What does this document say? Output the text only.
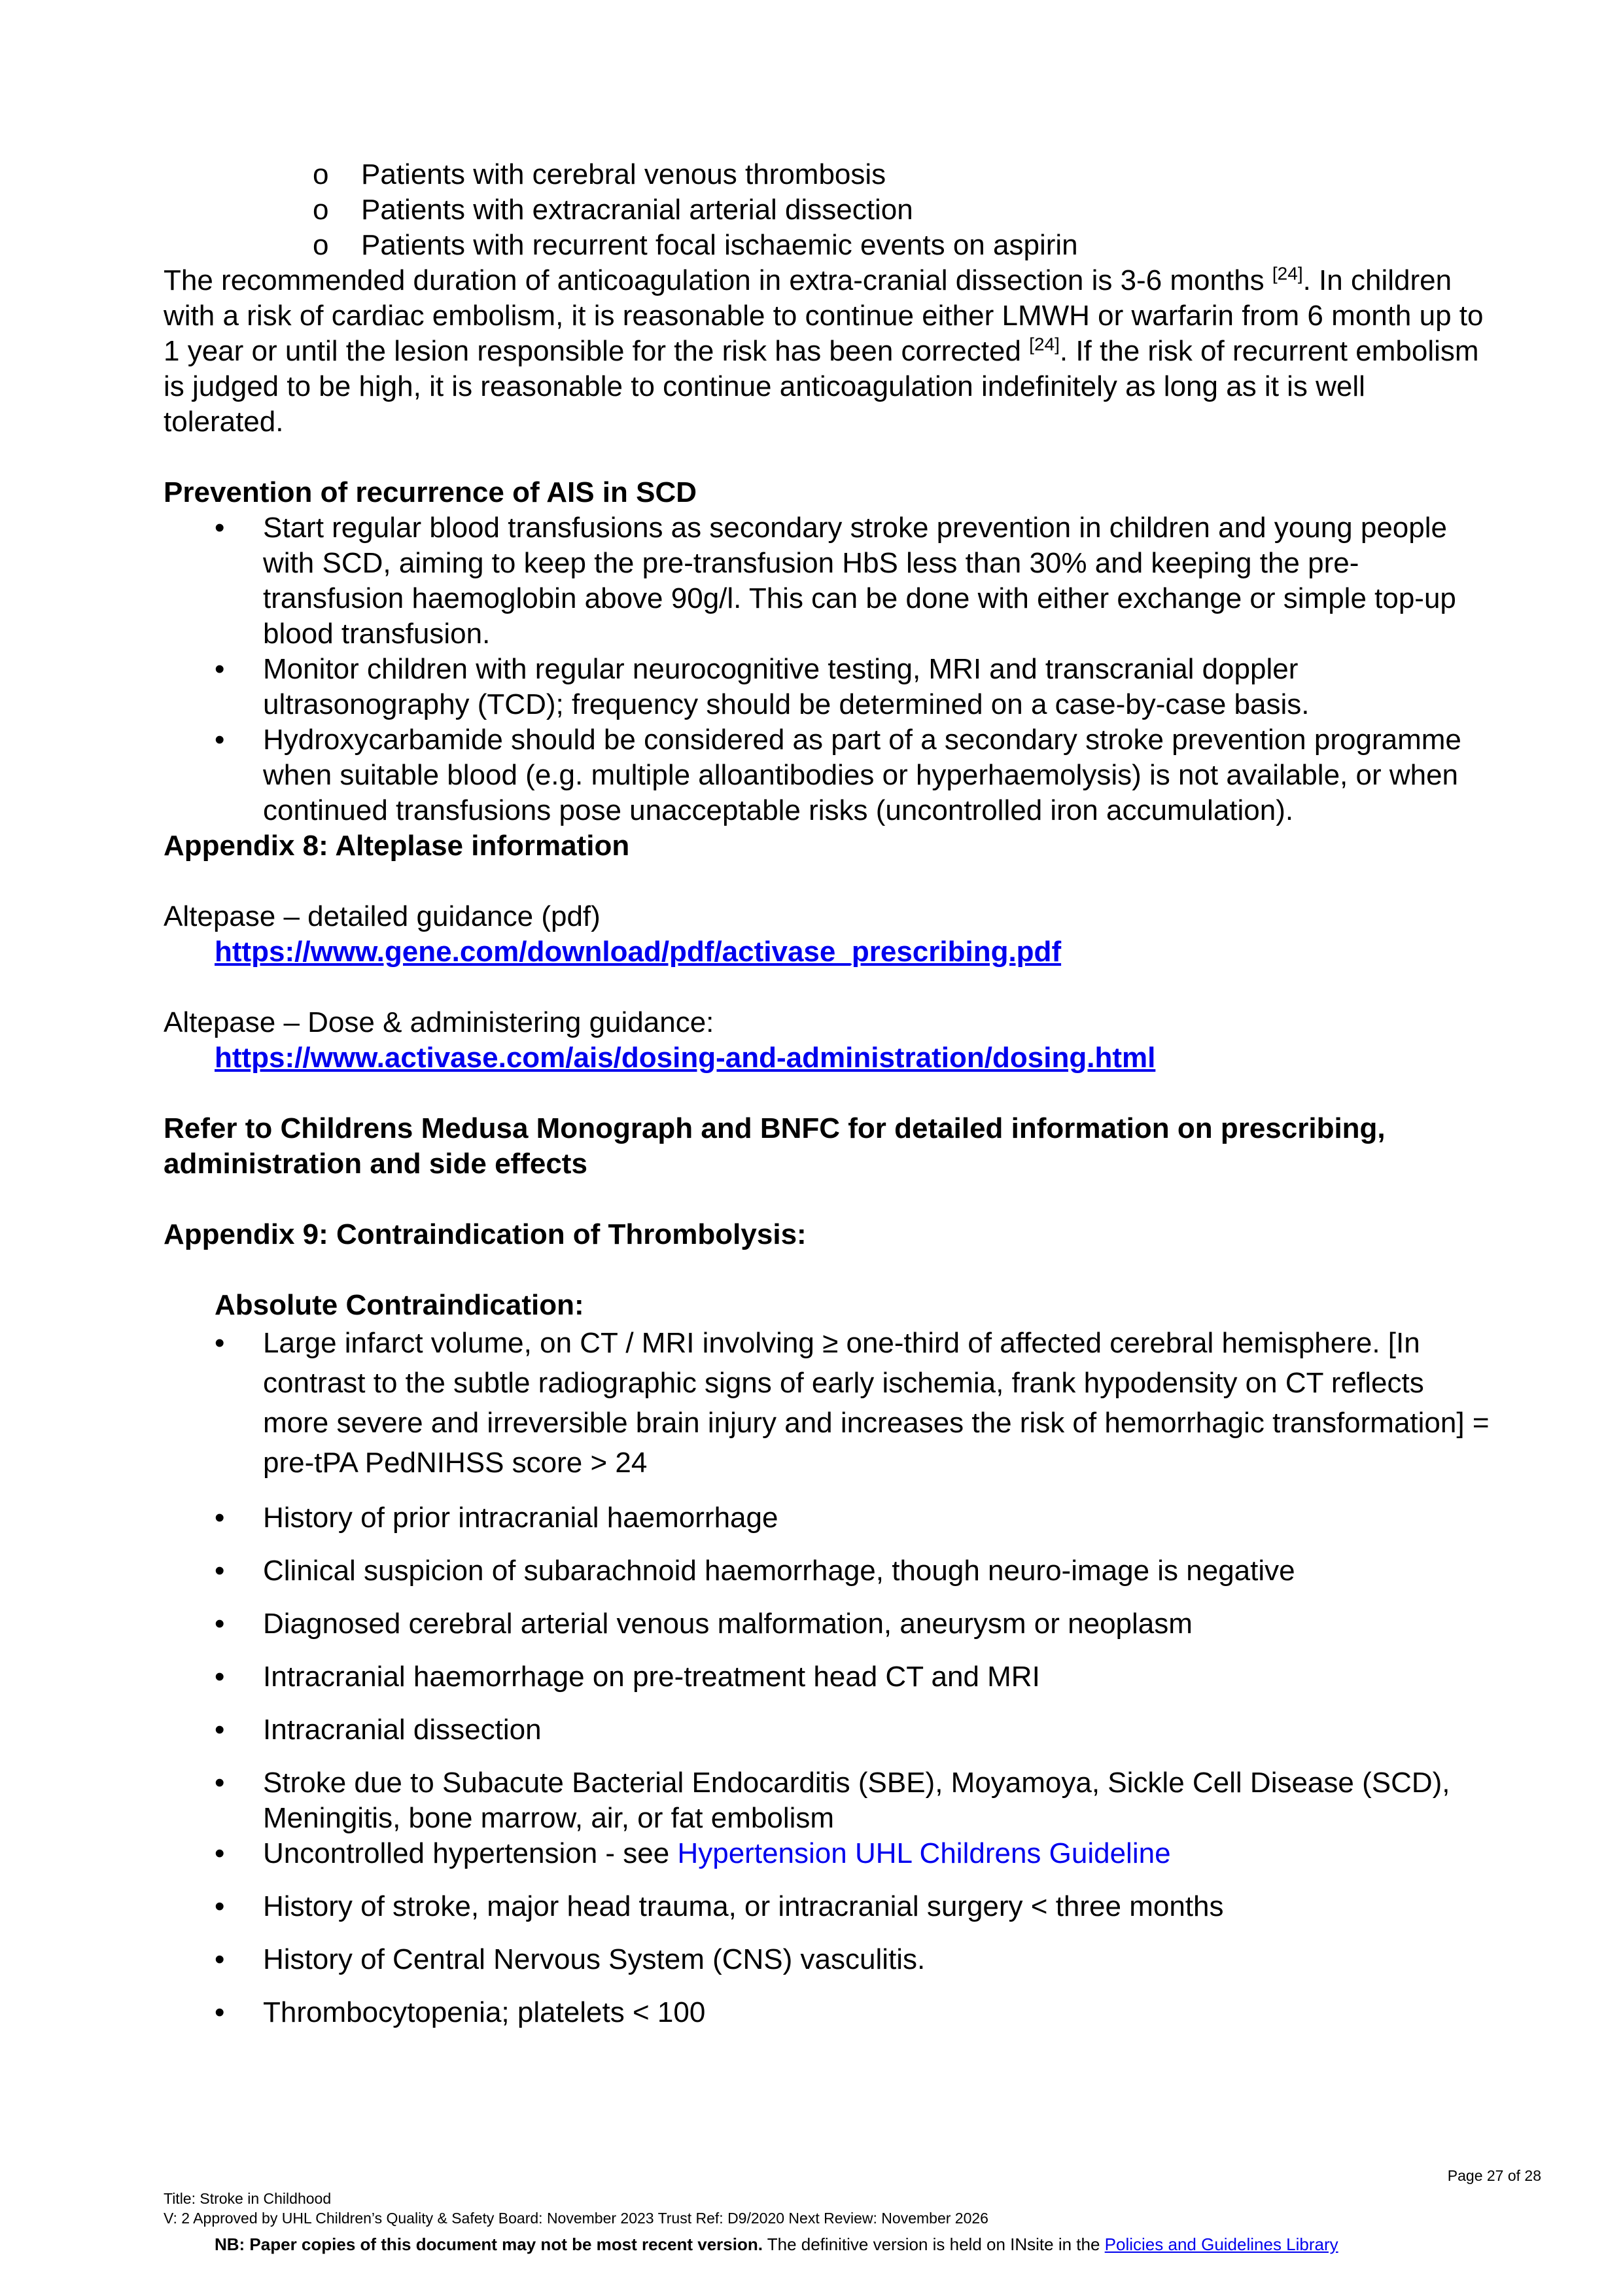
o Patients with cerebral venous thrombosis
o Patients with extracranial arterial dissection
o Patients with recurrent focal ischaemic events on aspirin

The recommended duration of anticoagulation in extra-cranial dissection is 3-6 months [24]. In children with a risk of cardiac embolism, it is reasonable to continue either LMWH or warfarin from 6 month up to 1 year or until the lesion responsible for the risk has been corrected [24]. If the risk of recurrent embolism is judged to be high, it is reasonable to continue anticoagulation indefinitely as long as it is well tolerated.

Prevention of recurrence of AIS in SCD

• Start regular blood transfusions as secondary stroke prevention in children and young people with SCD, aiming to keep the pre-transfusion HbS less than 30% and keeping the pre-transfusion haemoglobin above 90g/l. This can be done with either exchange or simple top-up blood transfusion.
• Monitor children with regular neurocognitive testing, MRI and transcranial doppler ultrasonography (TCD); frequency should be determined on a case-by-case basis.
• Hydroxycarbamide should be considered as part of a secondary stroke prevention programme when suitable blood (e.g. multiple alloantibodies or hyperhaemolysis) is not available, or when continued transfusions pose unacceptable risks (uncontrolled iron accumulation).

Appendix 8: Alteplase information

Altepase – detailed guidance (pdf)

https://www.gene.com/download/pdf/activase_prescribing.pdf

Altepase – Dose & administering guidance:

https://www.activase.com/ais/dosing-and-administration/dosing.html

Refer to Childrens Medusa Monograph and BNFC for detailed information on prescribing, administration and side effects

Appendix 9: Contraindication of Thrombolysis:

Absolute Contraindication:

• Large infarct volume, on CT / MRI involving ≥ one-third of affected cerebral hemisphere. [In contrast to the subtle radiographic signs of early ischemia, frank hypodensity on CT reflects more severe and irreversible brain injury and increases the risk of hemorrhagic transformation] = pre-tPA PedNIHSS score > 24
• History of prior intracranial haemorrhage
• Clinical suspicion of subarachnoid haemorrhage, though neuro-image is negative
• Diagnosed cerebral arterial venous malformation, aneurysm or neoplasm
• Intracranial haemorrhage on pre-treatment head CT and MRI
• Intracranial dissection
• Stroke due to Subacute Bacterial Endocarditis (SBE), Moyamoya, Sickle Cell Disease (SCD), Meningitis, bone marrow, air, or fat embolism
• Uncontrolled hypertension - see Hypertension UHL Childrens Guideline
• History of stroke, major head trauma, or intracranial surgery < three months
• History of Central Nervous System (CNS) vasculitis.
• Thrombocytopenia; platelets < 100
Page 27 of 28
Title: Stroke in Childhood
V: 2 Approved by UHL Children’s Quality & Safety Board: November 2023 Trust Ref: D9/2020 Next Review: November 2026
NB: Paper copies of this document may not be most recent version. The definitive version is held on INsite in the Policies and Guidelines Library
